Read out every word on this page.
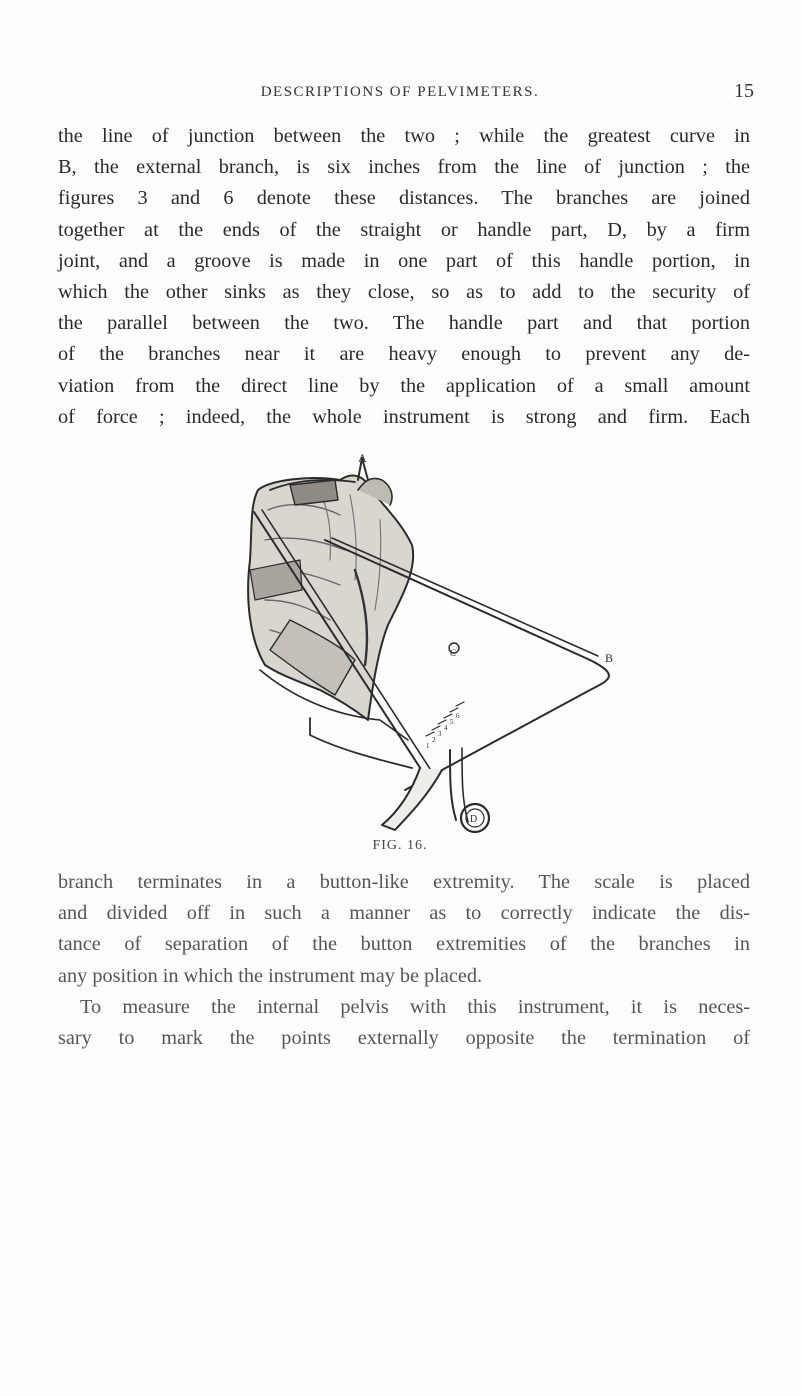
DESCRIPTIONS OF PELVIMETERS.	15
the line of junction between the two ; while the greatest curve in
B, the external branch, is six inches from the line of junction ; the
figures 3 and 6 denote these distances. The branches are joined
together at the ends of the straight or handle part, D, by a firm
joint, and a groove is made in one part of this handle portion, in
which the other sinks as they close, so as to add to the security of
the parallel between the two. The handle part and that portion
of the branches near it are heavy enough to prevent any de-
viation from the direct line by the application of a small amount
of force ; indeed, the whole instrument is strong and firm. Each
A
B
C
D
1
2
3
4
5
6
FIG. 16.
branch terminates in a button-like extremity. The scale is placed
and divided off in such a manner as to correctly indicate the dis-
tance of separation of the button extremities of the branches in
any position in which the instrument may be placed.
To measure the internal pelvis with this instrument, it is neces-
sary to mark the points externally opposite the termination of
